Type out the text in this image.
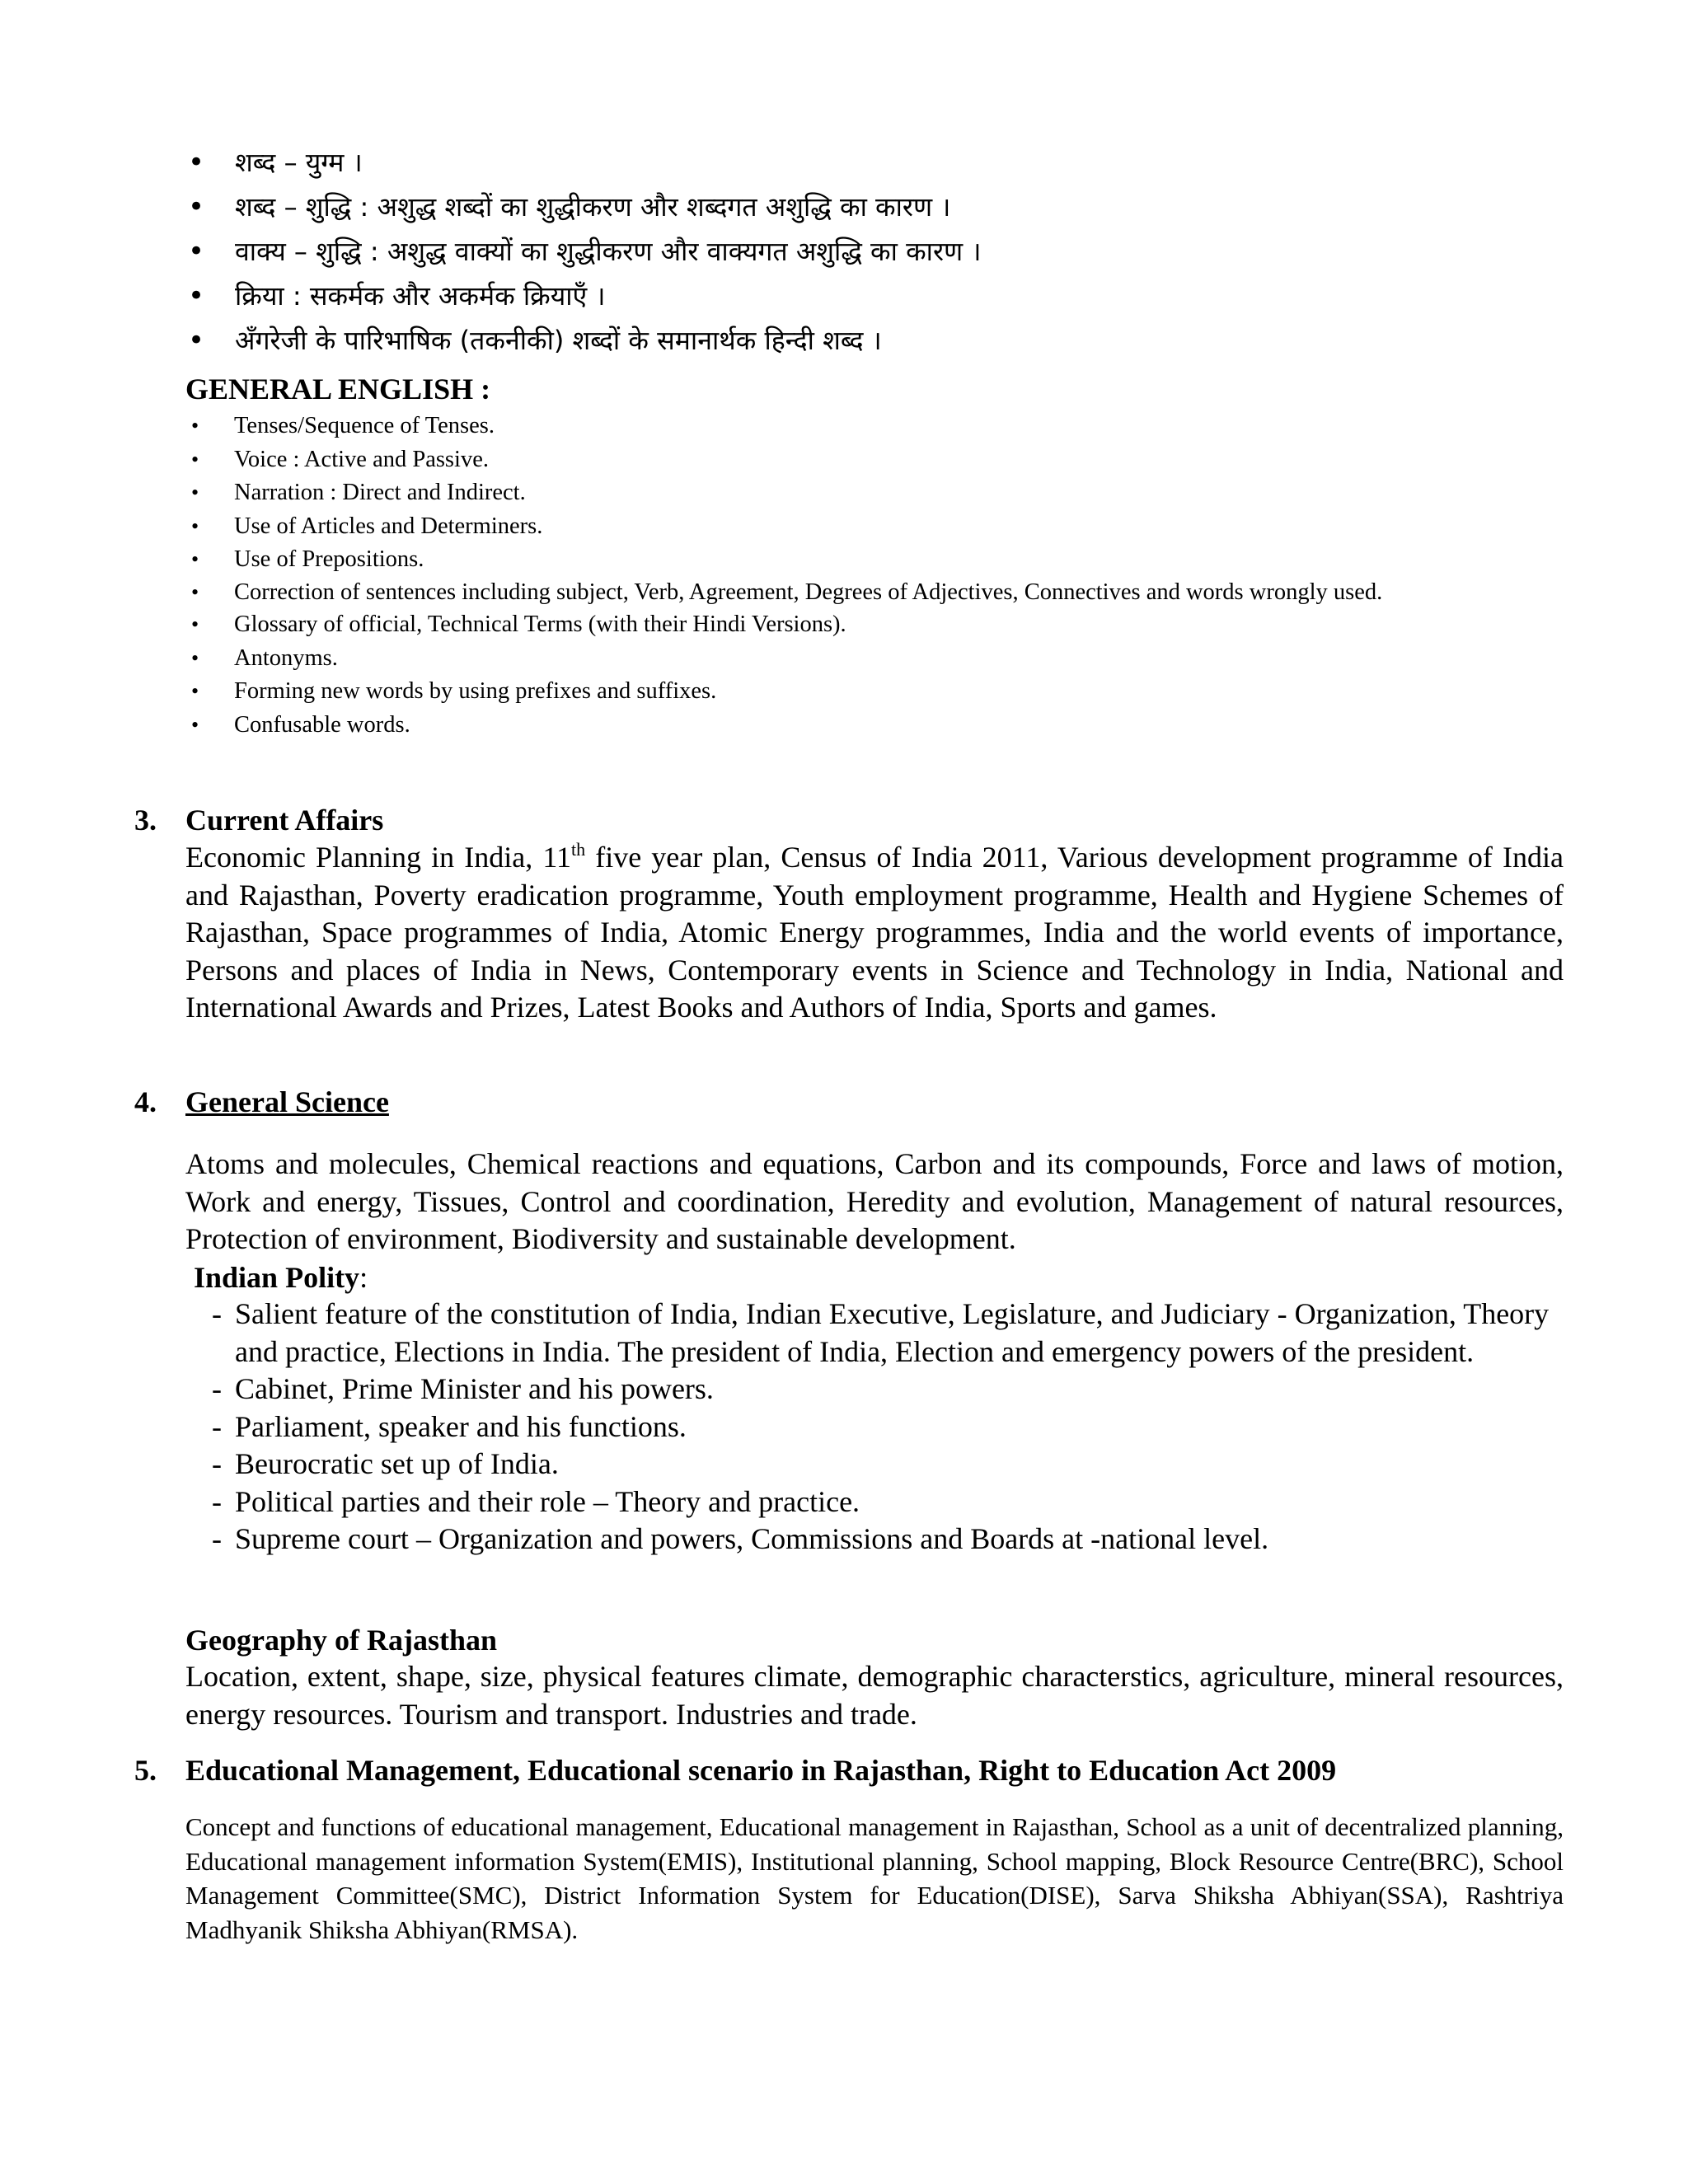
• शब्द – युग्म ।
• शब्द – शुद्धि : अशुद्ध शब्दों का शुद्धीकरण और शब्दगत अशुद्धि का कारण ।
• वाक्य – शुद्धि : अशुद्ध वाक्यों का शुद्धीकरण और वाक्यगत अशुद्धि का कारण ।
• क्रिया : सकर्मक और अकर्मक क्रियाएँ ।
• अँगरेजी के पारिभाषिक (तकनीकी) शब्दों के समानार्थक हिन्दी शब्द ।
GENERAL ENGLISH :
• Tenses/Sequence of Tenses.
• Voice : Active and Passive.
• Narration : Direct and Indirect.
• Use of Articles and Determiners.
• Use of Prepositions.
• Correction of sentences including subject, Verb, Agreement, Degrees of Adjectives, Connectives and words wrongly used.
• Glossary of official, Technical Terms (with their Hindi Versions).
• Antonyms.
• Forming new words by using prefixes and suffixes.
• Confusable words.
3. Current Affairs
Economic Planning in India, 11th five year plan, Census of India 2011, Various development programme of India and Rajasthan, Poverty eradication programme, Youth employment programme, Health and Hygiene Schemes of Rajasthan, Space programmes of India, Atomic Energy programmes, India and the world events of importance, Persons and places of India in News, Contemporary events in Science and Technology in India, National and International Awards and Prizes, Latest Books and Authors of India, Sports and games.
4. General Science
Atoms and molecules, Chemical reactions and equations, Carbon and its compounds, Force and laws of motion, Work and energy, Tissues, Control and coordination, Heredity and evolution, Management of natural resources, Protection of environment, Biodiversity and sustainable development.
Indian Polity:
- Salient feature of the constitution of India, Indian Executive, Legislature, and Judiciary - Organization, Theory and practice, Elections in India. The president of India, Election and emergency powers of the president.
- Cabinet, Prime Minister and his powers.
- Parliament, speaker and his functions.
- Beurocratic set up of India.
- Political parties and their role – Theory and practice.
- Supreme court – Organization and powers, Commissions and Boards at -national level.
Geography of Rajasthan
Location, extent, shape, size, physical features climate, demographic characterstics, agriculture, mineral resources, energy resources. Tourism and transport. Industries and trade.
5. Educational Management, Educational scenario in Rajasthan, Right to Education Act 2009
Concept and functions of educational management, Educational management in Rajasthan, School as a unit of decentralized planning, Educational management information System(EMIS), Institutional planning, School mapping, Block Resource Centre(BRC), School Management Committee(SMC), District Information System for Education(DISE), Sarva Shiksha Abhiyan(SSA), Rashtriya Madhyanik Shiksha Abhiyan(RMSA).
